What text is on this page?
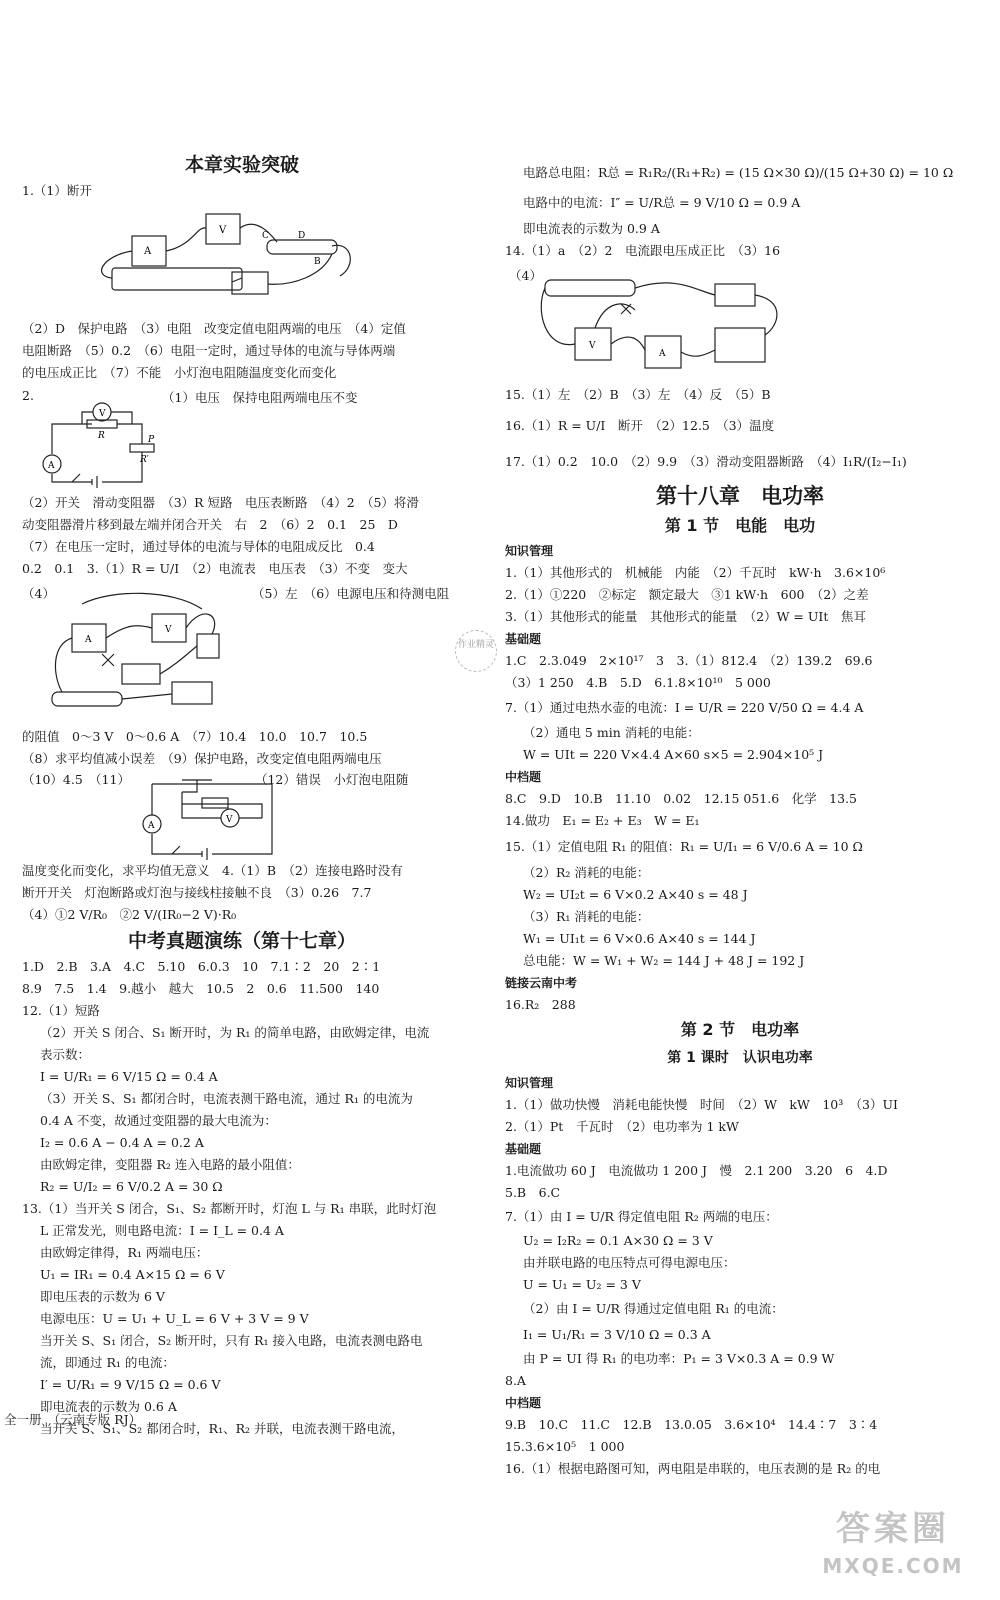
本章实验突破
1.（1）断开
A
V	C	D
B
（2）D　保护电路　（3）电阻　改变定值电阻两端的电压　（4）定值
电阻断路　（5）0.2　（6）电阻一定时，通过导体的电流与导体两端
的电压成正比　（7）不能　小灯泡电阻随温度变化而变化
2.	（1）电压　保持电阻两端电压不变
V
R	P
R′
A
（2）开关　滑动变阻器　（3）R 短路　电压表断路　（4）2　（5）将滑
动变阻器滑片移到最左端并闭合开关　右　2　（6）2　0.1　25　D
（7）在电压一定时，通过导体的电流与导体的电阻成反比　0.4
0.2　0.1　3.（1）R = U/I　（2）电流表　电压表　（3）不变　变大
（4）	（5）左　（6）电源电压和待测电阻
A
V
的阻值　0～3 V　0～0.6 A　（7）10.4　10.0　10.7　10.5
（8）求平均值减小误差　（9）保护电路，改变定值电阻两端电压
（10）4.5　（11）　　　　　　　　　　　（12）错误　小灯泡电阻随
V
A
温度变化而变化，求平均值无意义　4.（1）B　（2）连接电路时没有
断开开关　灯泡断路或灯泡与接线柱接触不良　（3）0.26　7.7
（4）①2 V/R₀　②2 V/(IR₀−2 V)·R₀
中考真题演练（第十七章）
1.D　2.B　3.A　4.C　5.10　6.0.3　10　7.1∶2　20　2∶1
8.9　7.5　1.4　9.越小　越大　10.5　2　0.6　11.500　140
12.（1）短路
（2）开关 S 闭合、S₁ 断开时，为 R₁ 的简单电路，由欧姆定律，电流
表示数：
I = U/R₁ = 6 V/15 Ω = 0.4 A
（3）开关 S、S₁ 都闭合时，电流表测干路电流，通过 R₁ 的电流为
0.4 A 不变，故通过变阻器的最大电流为：
I₂ = 0.6 A − 0.4 A = 0.2 A
由欧姆定律，变阻器 R₂ 连入电路的最小阻值：
R₂ = U/I₂ = 6 V/0.2 A = 30 Ω
13.（1）当开关 S 闭合，S₁、S₂ 都断开时，灯泡 L 与 R₁ 串联，此时灯泡
L 正常发光，则电路电流：I = I_L = 0.4 A
由欧姆定律得，R₁ 两端电压：
U₁ = IR₁ = 0.4 A×15 Ω = 6 V
即电压表的示数为 6 V
电源电压：U = U₁ + U_L = 6 V + 3 V = 9 V
当开关 S、S₁ 闭合，S₂ 断开时，只有 R₁ 接入电路，电流表测电路电
流，即通过 R₁ 的电流：
I′ = U/R₁ = 9 V/15 Ω = 0.6 V
即电流表的示数为 0.6 A
当开关 S、S₁、S₂ 都闭合时，R₁、R₂ 并联，电流表测干路电流，
全一册　（云南专版 RJ）
电路总电阻：R总 = R₁R₂/(R₁+R₂) = (15 Ω×30 Ω)/(15 Ω+30 Ω) = 10 Ω
电路中的电流：I″ = U/R总 = 9 V/10 Ω = 0.9 A
即电流表的示数为 0.9 A
14.（1）a　（2）2　电流跟电压成正比　（3）16
（4）
V
A
15.（1）左　（2）B　（3）左　（4）反　（5）B
16.（1）R = U/I　断开　（2）12.5　（3）温度
17.（1）0.2　10.0　（2）9.9　（3）滑动变阻器断路　（4）I₁R/(I₂−I₁)
第十八章　电功率
第 1 节　电能　电功
知识管理
1.（1）其他形式的　机械能　内能　（2）千瓦时　kW·h　3.6×10⁶
2.（1）①220　②标定　额定最大　③1 kW·h　600　（2）之差
3.（1）其他形式的能量　其他形式的能量　（2）W = UIt　焦耳
基础题
1.C　2.3.049　2×10¹⁷　3　3.（1）812.4　（2）139.2　69.6
（3）1 250　4.B　5.D　6.1.8×10¹⁰　5 000
7.（1）通过电热水壶的电流：I = U/R = 220 V/50 Ω = 4.4 A
（2）通电 5 min 消耗的电能：
W = UIt = 220 V×4.4 A×60 s×5 = 2.904×10⁵ J
中档题
8.C　9.D　10.B　11.10　0.02　12.15 051.6　化学　13.5
14.做功　E₁ = E₂ + E₃　W = E₁
15.（1）定值电阻 R₁ 的阻值：R₁ = U/I₁ = 6 V/0.6 A = 10 Ω
（2）R₂ 消耗的电能：
W₂ = UI₂t = 6 V×0.2 A×40 s = 48 J
（3）R₁ 消耗的电能：
W₁ = UI₁t = 6 V×0.6 A×40 s = 144 J
总电能：W = W₁ + W₂ = 144 J + 48 J = 192 J
链接云南中考
16.R₂　288
第 2 节　电功率
第 1 课时　认识电功率
知识管理
1.（1）做功快慢　消耗电能快慢　时间　（2）W　kW　10³　（3）UI
2.（1）Pt　千瓦时　（2）电功率为 1 kW
基础题
1.电流做功 60 J　电流做功 1 200 J　慢　2.1 200　3.20　6　4.D
5.B　6.C
7.（1）由 I = U/R 得定值电阻 R₂ 两端的电压：
U₂ = I₂R₂ = 0.1 A×30 Ω = 3 V
由并联电路的电压特点可得电源电压：
U = U₁ = U₂ = 3 V
（2）由 I = U/R 得通过定值电阻 R₁ 的电流：
I₁ = U₁/R₁ = 3 V/10 Ω = 0.3 A
由 P = UI 得 R₁ 的电功率：P₁ = 3 V×0.3 A = 0.9 W
8.A
中档题
9.B　10.C　11.C　12.B　13.0.05　3.6×10⁴　14.4∶7　3∶4
15.3.6×10⁵　1 000
16.（1）根据电路图可知，两电阻是串联的，电压表测的是 R₂ 的电
作业精灵
答案圈
MXQE.COM
